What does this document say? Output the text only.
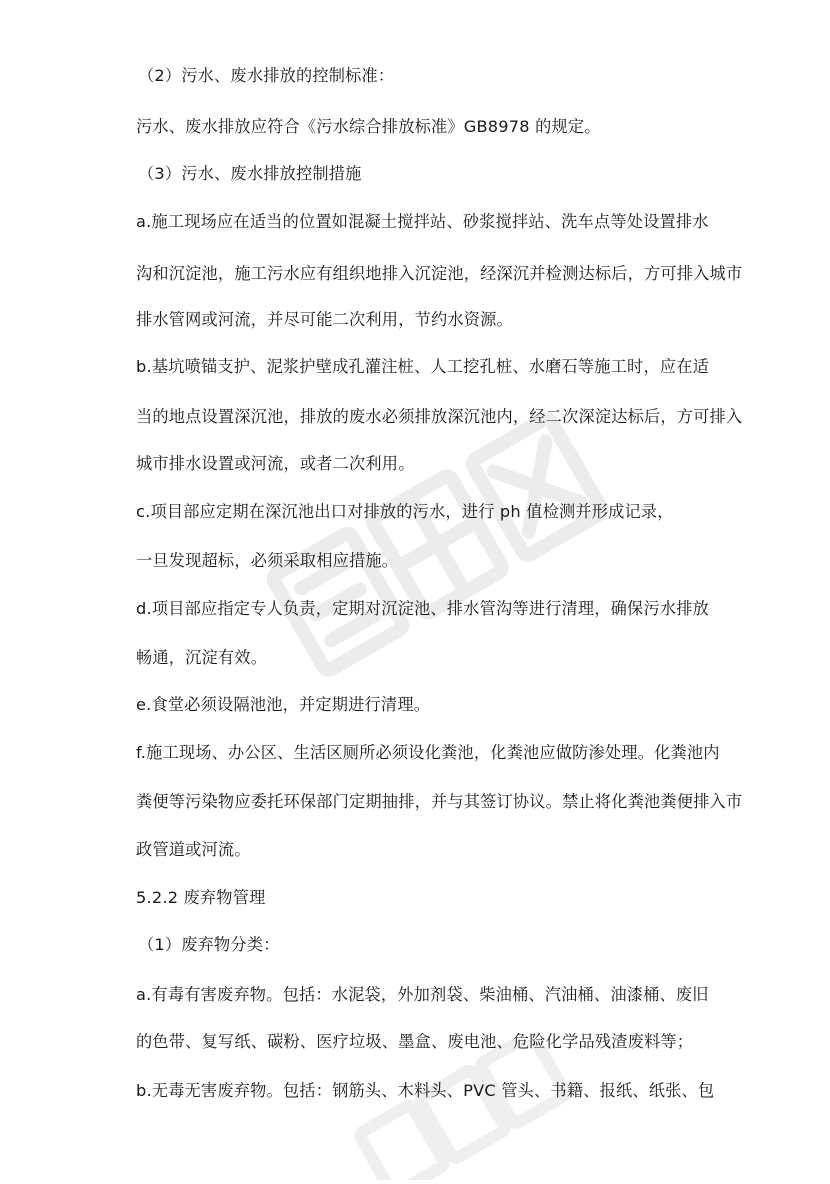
（2）污水、废水排放的控制标准：

污水、废水排放应符合《污水综合排放标准》GB8978 的规定。

（3）污水、废水排放控制措施

a.施工现场应在适当的位置如混凝土搅拌站、砂浆搅拌站、洗车点等处设置排水

沟和沉淀池，施工污水应有组织地排入沉淀池，经深沉并检测达标后，方可排入城市

排水管网或河流，并尽可能二次利用，节约水资源。

b.基坑喷锚支护、泥浆护壁成孔灌注桩、人工挖孔桩、水磨石等施工时，应在适

当的地点设置深沉池，排放的废水必须排放深沉池内，经二次深淀达标后，方可排入

城市排水设置或河流，或者二次利用。

c.项目部应定期在深沉池出口对排放的污水，进行 ph 值检测并形成记录，

一旦发现超标，必须采取相应措施。

d.项目部应指定专人负责，定期对沉淀池、排水管沟等进行清理，确保污水排放

畅通，沉淀有效。

e.食堂必须设隔池池，并定期进行清理。

f.施工现场、办公区、生活区厕所必须设化粪池，化粪池应做防渗处理。化粪池内

粪便等污染物应委托环保部门定期抽排，并与其签订协议。禁止将化粪池粪便排入市

政管道或河流。

5.2.2 废弃物管理

（1）废弃物分类：

a.有毒有害废弃物。包括：水泥袋，外加剂袋、柴油桶、汽油桶、油漆桶、废旧

的色带、复写纸、碳粉、医疗垃圾、墨盒、废电池、危险化学品残渣废料等；

b.无毒无害废弃物。包括：钢筋头、木料头、PVC 管头、书籍、报纸、纸张、包
